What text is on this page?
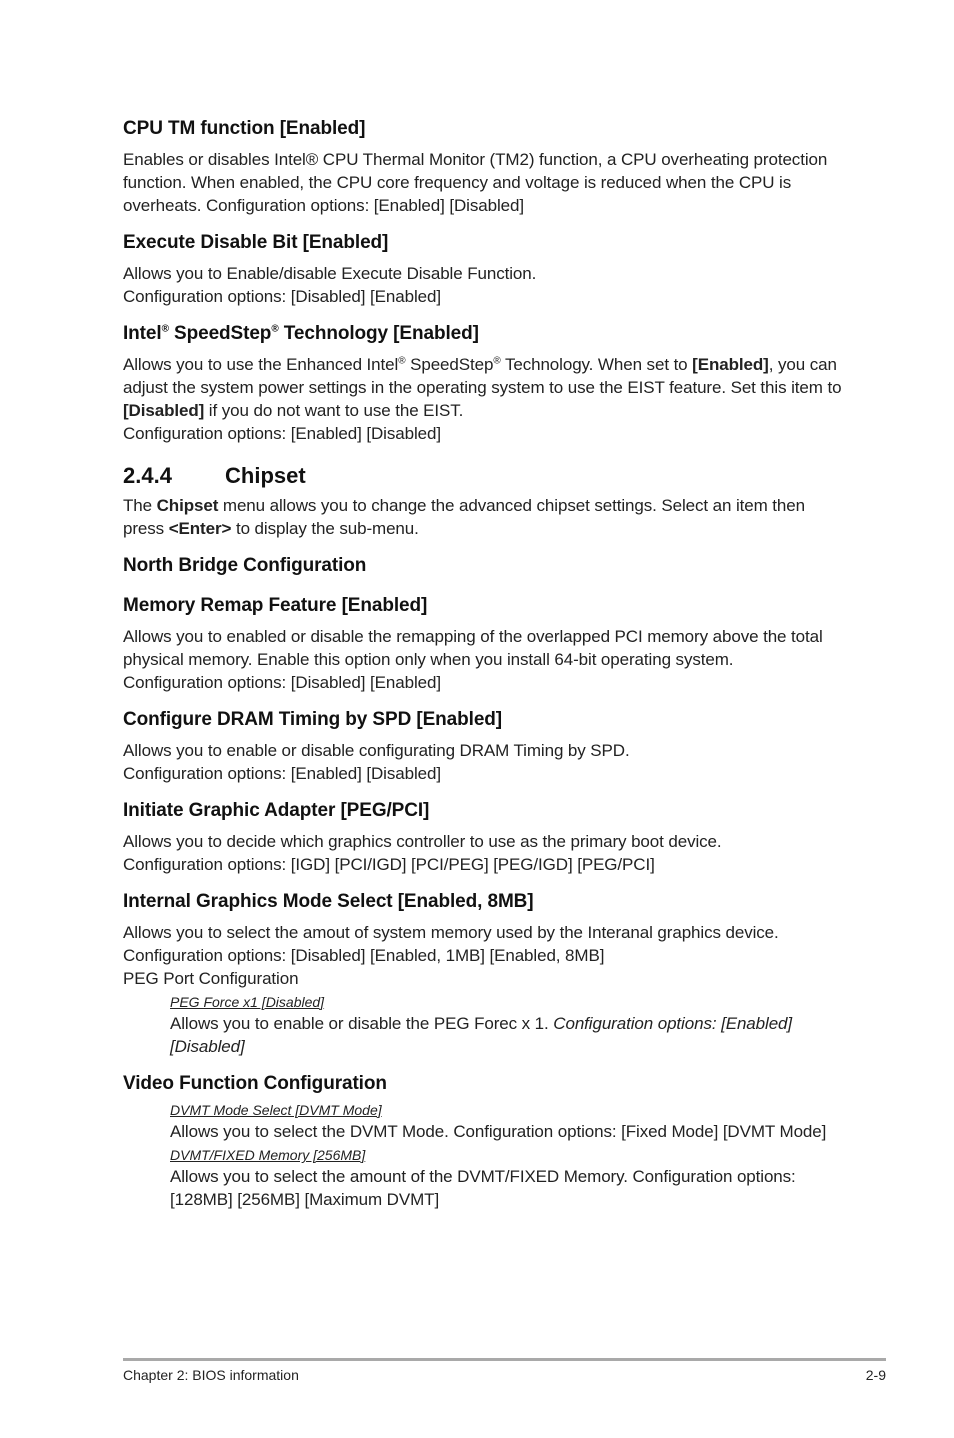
CPU TM function [Enabled]

Enables or disables Intel® CPU Thermal Monitor (TM2) function, a CPU overheating protection function. When enabled, the CPU core frequency and voltage is reduced when the CPU is overheats. Configuration options: [Enabled] [Disabled]

Execute Disable Bit [Enabled]

Allows you to Enable/disable Execute Disable Function.
Configuration options: [Disabled] [Enabled]

Intel® SpeedStep® Technology [Enabled]

Allows you to use the Enhanced Intel® SpeedStep® Technology. When set to [Enabled], you can adjust the system power settings in the operating system to use the EIST feature. Set this item to [Disabled] if you do not want to use the EIST.
Configuration options: [Enabled] [Disabled]

2.4.4 Chipset

The Chipset menu allows you to change the advanced chipset settings. Select an item then press <Enter> to display the sub-menu.

North Bridge Configuration
Memory Remap Feature [Enabled]

Allows you to enabled or disable the remapping of the overlapped PCI memory above the total physical memory. Enable this option only when you install 64-bit operating system.
Configuration options: [Disabled] [Enabled]

Configure DRAM Timing by SPD [Enabled]

Allows you to enable or disable configurating DRAM Timing by SPD.
Configuration options: [Enabled] [Disabled]

Initiate Graphic Adapter [PEG/PCI]

Allows you to decide which graphics controller to use as the primary boot device.
Configuration options: [IGD] [PCI/IGD] [PCI/PEG] [PEG/IGD] [PEG/PCI]

Internal Graphics Mode Select [Enabled, 8MB]

Allows you to select the amout of system memory used by the Interanal graphics device.
Configuration options: [Disabled] [Enabled, 1MB] [Enabled, 8MB]
PEG Port Configuration

PEG Force x1 [Disabled]

Allows you to enable or disable the PEG Forec x 1. Configuration options: [Enabled] [Disabled]

Video Function Configuration
DVMT Mode Select [DVMT Mode]

Allows you to select the DVMT Mode. Configuration options: [Fixed Mode] [DVMT Mode]

DVMT/FIXED Memory [256MB]

Allows you to select the amount of the DVMT/FIXED Memory. Configuration options: [128MB] [256MB] [Maximum DVMT]

Chapter 2: BIOS information	2-9
